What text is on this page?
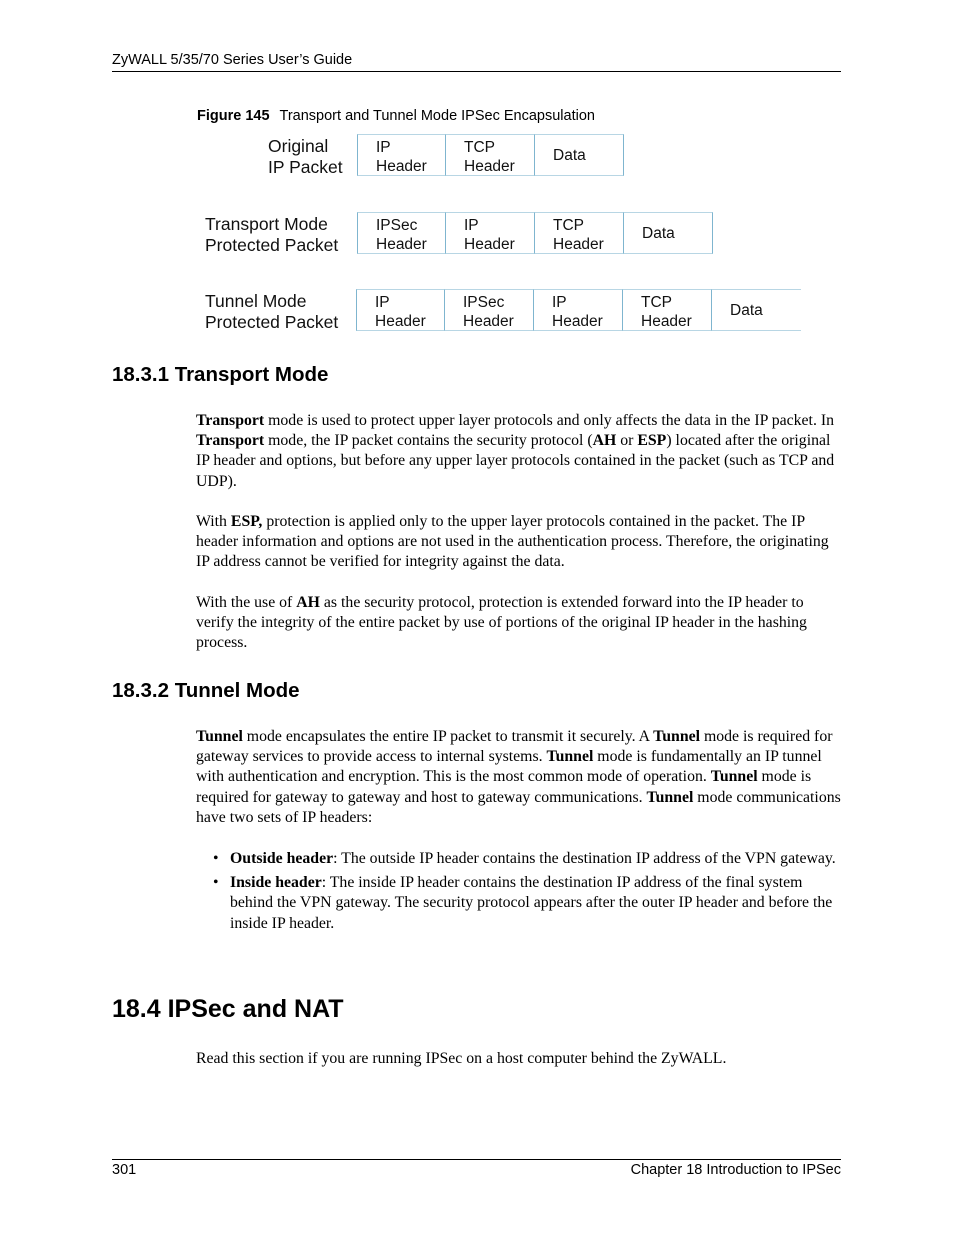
ZyWALL 5/35/70 Series User’s Guide
Figure 145 Transport and Tunnel Mode IPSec Encapsulation
Original
IP Packet
IP
Header
TCP
Header
Data
Transport Mode
Protected Packet
IPSec
Header
IP
Header
TCP
Header
Data
Tunnel Mode
Protected Packet
IP
Header
IPSec
Header
IP
Header
TCP
Header
Data
18.3.1 Transport Mode

Transport mode is used to protect upper layer protocols and only affects the data in the IP packet. In Transport mode, the IP packet contains the security protocol (AH or ESP) located after the original IP header and options, but before any upper layer protocols contained in the packet (such as TCP and UDP).

With ESP, protection is applied only to the upper layer protocols contained in the packet. The IP header information and options are not used in the authentication process. Therefore, the originating IP address cannot be verified for integrity against the data.

With the use of AH as the security protocol, protection is extended forward into the IP header to verify the integrity of the entire packet by use of portions of the original IP header in the hashing process.

18.3.2 Tunnel Mode

Tunnel mode encapsulates the entire IP packet to transmit it securely. A Tunnel mode is required for gateway services to provide access to internal systems. Tunnel mode is fundamentally an IP tunnel with authentication and encryption. This is the most common mode of operation. Tunnel mode is required for gateway to gateway and host to gateway communications. Tunnel mode communications have two sets of IP headers:

• Outside header: The outside IP header contains the destination IP address of the VPN gateway.
• Inside header: The inside IP header contains the destination IP address of the final system behind the VPN gateway. The security protocol appears after the outer IP header and before the inside IP header.
18.4 IPSec and NAT

Read this section if you are running IPSec on a host computer behind the ZyWALL.

301	Chapter 18 Introduction to IPSec
